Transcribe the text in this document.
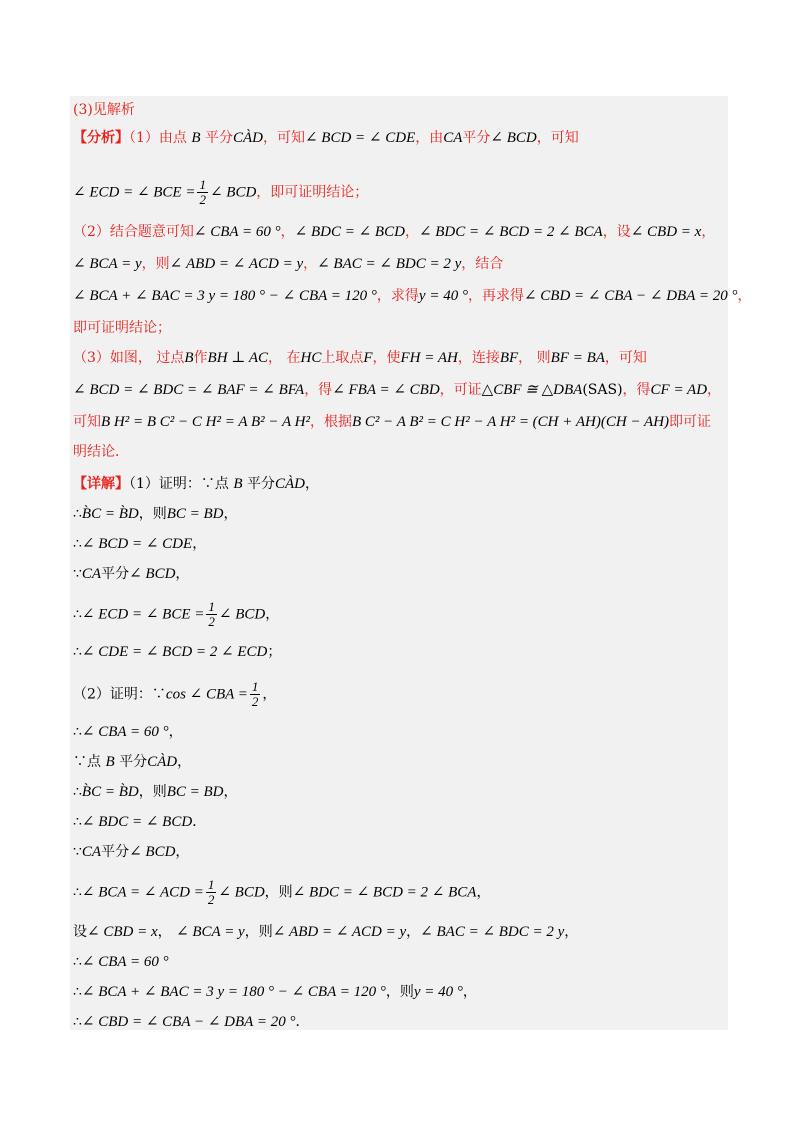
(3)见解析
【分析】（1）由点 B 平分CÀD，可知∠ BCD = ∠ CDE，由CA平分∠ BCD，可知
∠ ECD = ∠ BCE = $\frac{1}{2}$ ∠ BCD，即可证明结论；
（2）结合题意可知∠ CBA = 60 °，∠ BDC = ∠ BCD，∠ BDC = ∠ BCD = 2 ∠ BCA，设∠ CBD = x，
∠ BCA = y，则∠ ABD = ∠ ACD = y，∠ BAC = ∠ BDC = 2 y，结合
∠ BCA + ∠ BAC = 3 y = 180 ° − ∠ CBA = 120 °，求得y = 40 °，再求得∠ CBD = ∠ CBA − ∠ DBA = 20 °，
即可证明结论；
（3）如图， 过点B作BH ⊥ AC， 在HC上取点F，使FH = AH，连接BF， 则BF = BA，可知
∠ BCD = ∠ BDC = ∠ BAF = ∠ BFA，得∠ FBA = ∠ CBD，可证△CBF ≅ △DBA(SAS)，得CF = AD，
可知B H² = B C² − C H² = A B² − A H²，根据B C² − A B² = C H² − A H² = (CH + AH)(CH − AH)即可证
明结论．
【详解】（1）证明：∵点 B 平分CÀD，
∴B̀C = B̀D，则BC = BD，
∴∠ BCD = ∠ CDE，
∵CA平分∠ BCD，
∴∠ ECD = ∠ BCE = $\frac{1}{2}$ ∠ BCD，
∴∠ CDE = ∠ BCD = 2 ∠ ECD；
（2）证明：∵cos ∠ CBA = $\frac{1}{2}$ ，
∴∠ CBA = 60 °，
∵点 B 平分CÀD，
∴B̀C = B̀D，则BC = BD，
∴∠ BDC = ∠ BCD．
∵CA平分∠ BCD，
∴∠ BCA = ∠ ACD = $\frac{1}{2}$ ∠ BCD，则∠ BDC = ∠ BCD = 2 ∠ BCA，
设∠ CBD = x， ∠ BCA = y，则∠ ABD = ∠ ACD = y，∠ BAC = ∠ BDC = 2 y，
∴∠ CBA = 60 °
∴∠ BCA + ∠ BAC = 3 y = 180 ° − ∠ CBA = 120 °，则y = 40 °，
∴∠ CBD = ∠ CBA − ∠ DBA = 20 °．
